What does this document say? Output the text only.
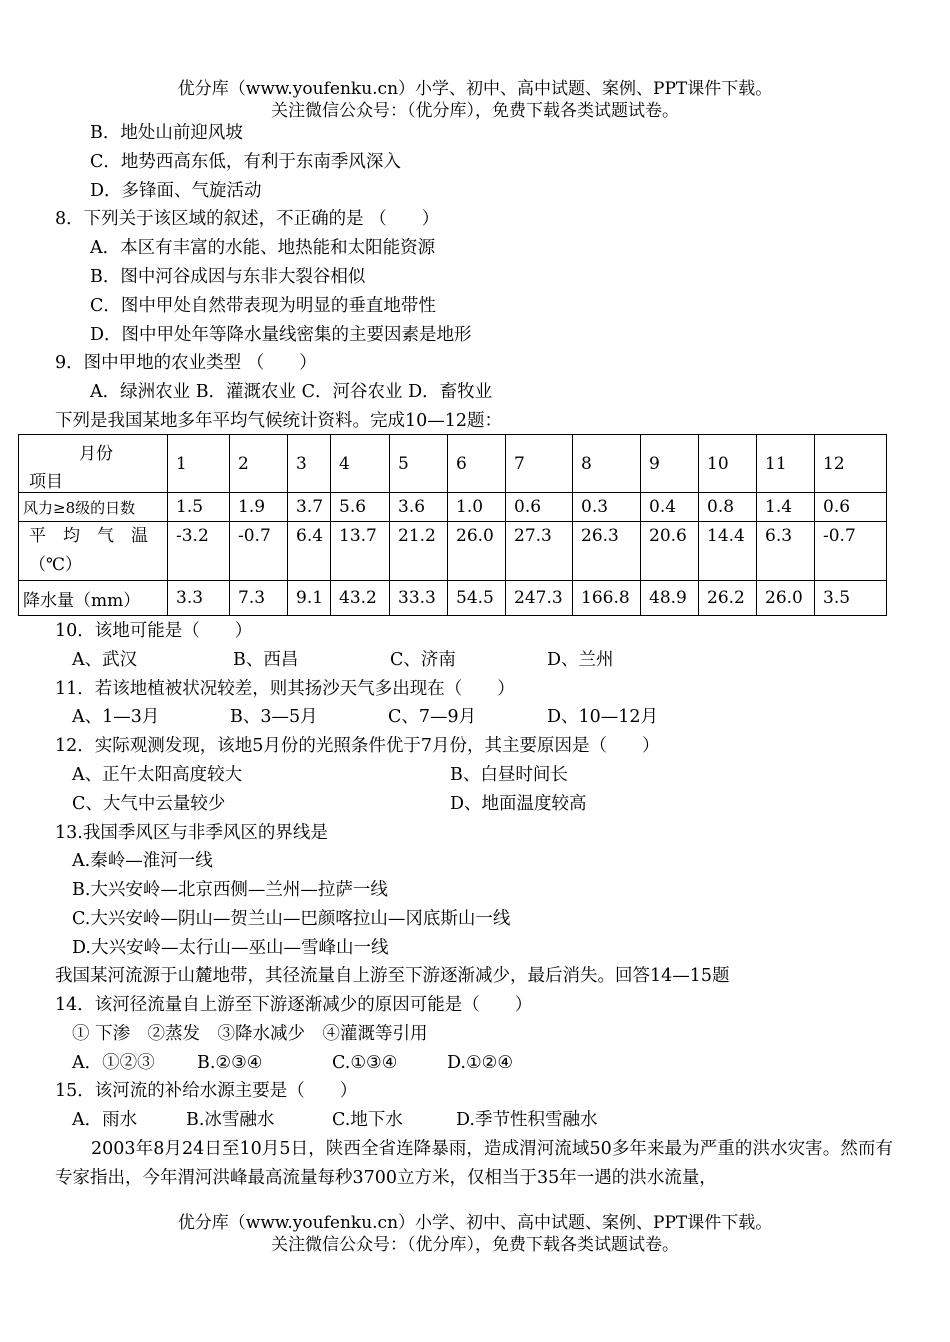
优分库（www.youfenku.cn）小学、初中、高中试题、案例、PPT课件下载。
关注微信公众号：（优分库），免费下载各类试题试卷。
B．地处山前迎风坡
C．地势西高东低，有利于东南季风深入
D．多锋面、气旋活动
8．下列关于该区域的叙述，不正确的是 （　　）
A．本区有丰富的水能、地热能和太阳能资源
B．图中河谷成因与东非大裂谷相似
C．图中甲处自然带表现为明显的垂直地带性
D．图中甲处年等降水量线密集的主要因素是地形
9．图中甲地的农业类型 （　　）
A．绿洲农业 B．灌溉农业 C．河谷农业 D．畜牧业
下列是我国某地多年平均气候统计资料。完成10—12题：
月份
项目	1	2	3	4	5	6	7	8	9	10	11	12
风力≥8级的日数	1.5	1.9	3.7	5.6	3.6	1.0	0.6	0.3	0.4	0.8	1.4	0.6

平　均　气　温
（℃）	-3.2	-0.7	6.4	13.7	21.2	26.0	27.3	26.3	20.6	14.4	6.3	-0.7
降水量（mm）	3.3	7.3	9.1	43.2	33.3	54.5	247.3	166.8	48.9	26.2	26.0	3.5
10．该地可能是（　　）
A、武汉	B、西昌	C、济南	D、兰州
11．若该地植被状况较差，则其扬沙天气多出现在（　　）
A、1—3月	B、3—5月	C、7—9月	D、10—12月
12．实际观测发现，该地5月份的光照条件优于7月份，其主要原因是（　　）
A、正午太阳高度较大	B、白昼时间长
C、大气中云量较少	D、地面温度较高
13.我国季风区与非季风区的界线是
A.秦岭—淮河一线
B.大兴安岭—北京西侧—兰州—拉萨一线
C.大兴安岭—阴山—贺兰山—巴颜喀拉山—冈底斯山一线
D.大兴安岭—太行山—巫山—雪峰山一线
我国某河流源于山麓地带，其径流量自上游至下游逐渐减少，最后消失。回答14—15题
14．该河径流量自上游至下游逐渐减少的原因可能是（　　）
① 下渗　②蒸发　③降水减少　④灌溉等引用
A．①②③ B.②③④	C.①③④	D.①②④
15．该河流的补给水源主要是（　　）
A．雨水	B.冰雪融水	C.地下水	D.季节性积雪融水
2003年8月24日至10月5日，陕西全省连降暴雨，造成渭河流域50多年来最为严重的洪水灾害。然而有专家指出，今年渭河洪峰最高流量每秒3700立方米，仅相当于35年一遇的洪水流量，
优分库（www.youfenku.cn）小学、初中、高中试题、案例、PPT课件下载。
关注微信公众号：（优分库），免费下载各类试题试卷。
